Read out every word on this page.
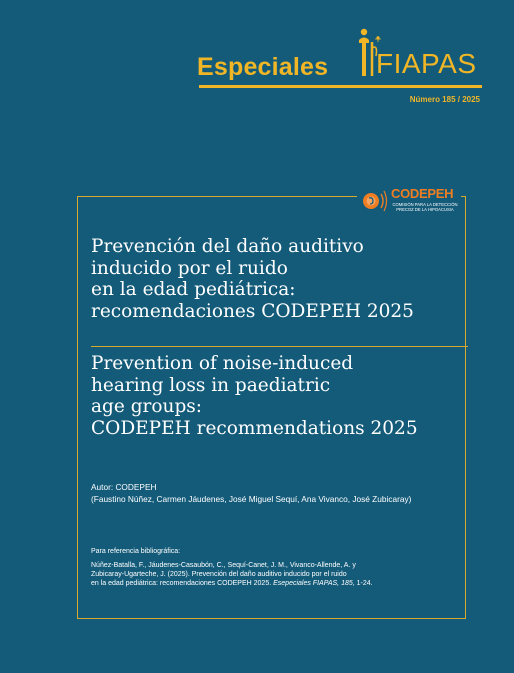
Especiales FIAPAS
Número 185 / 2025
CODEPEH
COMISIÓN PARA LA DETECCIÓN
PRECOZ DE LA HIPOACUSIA
Prevención del daño auditivo
inducido por el ruido
en la edad pediátrica:
recomendaciones CODEPEH 2025
Prevention of noise-induced
hearing loss in paediatric
age groups:
CODEPEH recommendations 2025
Autor: CODEPEH
(Faustino Núñez, Carmen Jáudenes, José Miguel Sequí, Ana Vivanco, José Zubicaray)
Para referencia bibliográfica:
Núñez-Batalla, F., Jáudenes-Casaubón, C., Sequí-Canet, J. M., Vivanco-Allende, A. y
Zubicaray-Ugarteche, J. (2025). Prevención del daño auditivo inducido por el ruido
en la edad pediátrica: recomendaciones CODEPEH 2025. Esepeciales FIAPAS, 185, 1-24.
